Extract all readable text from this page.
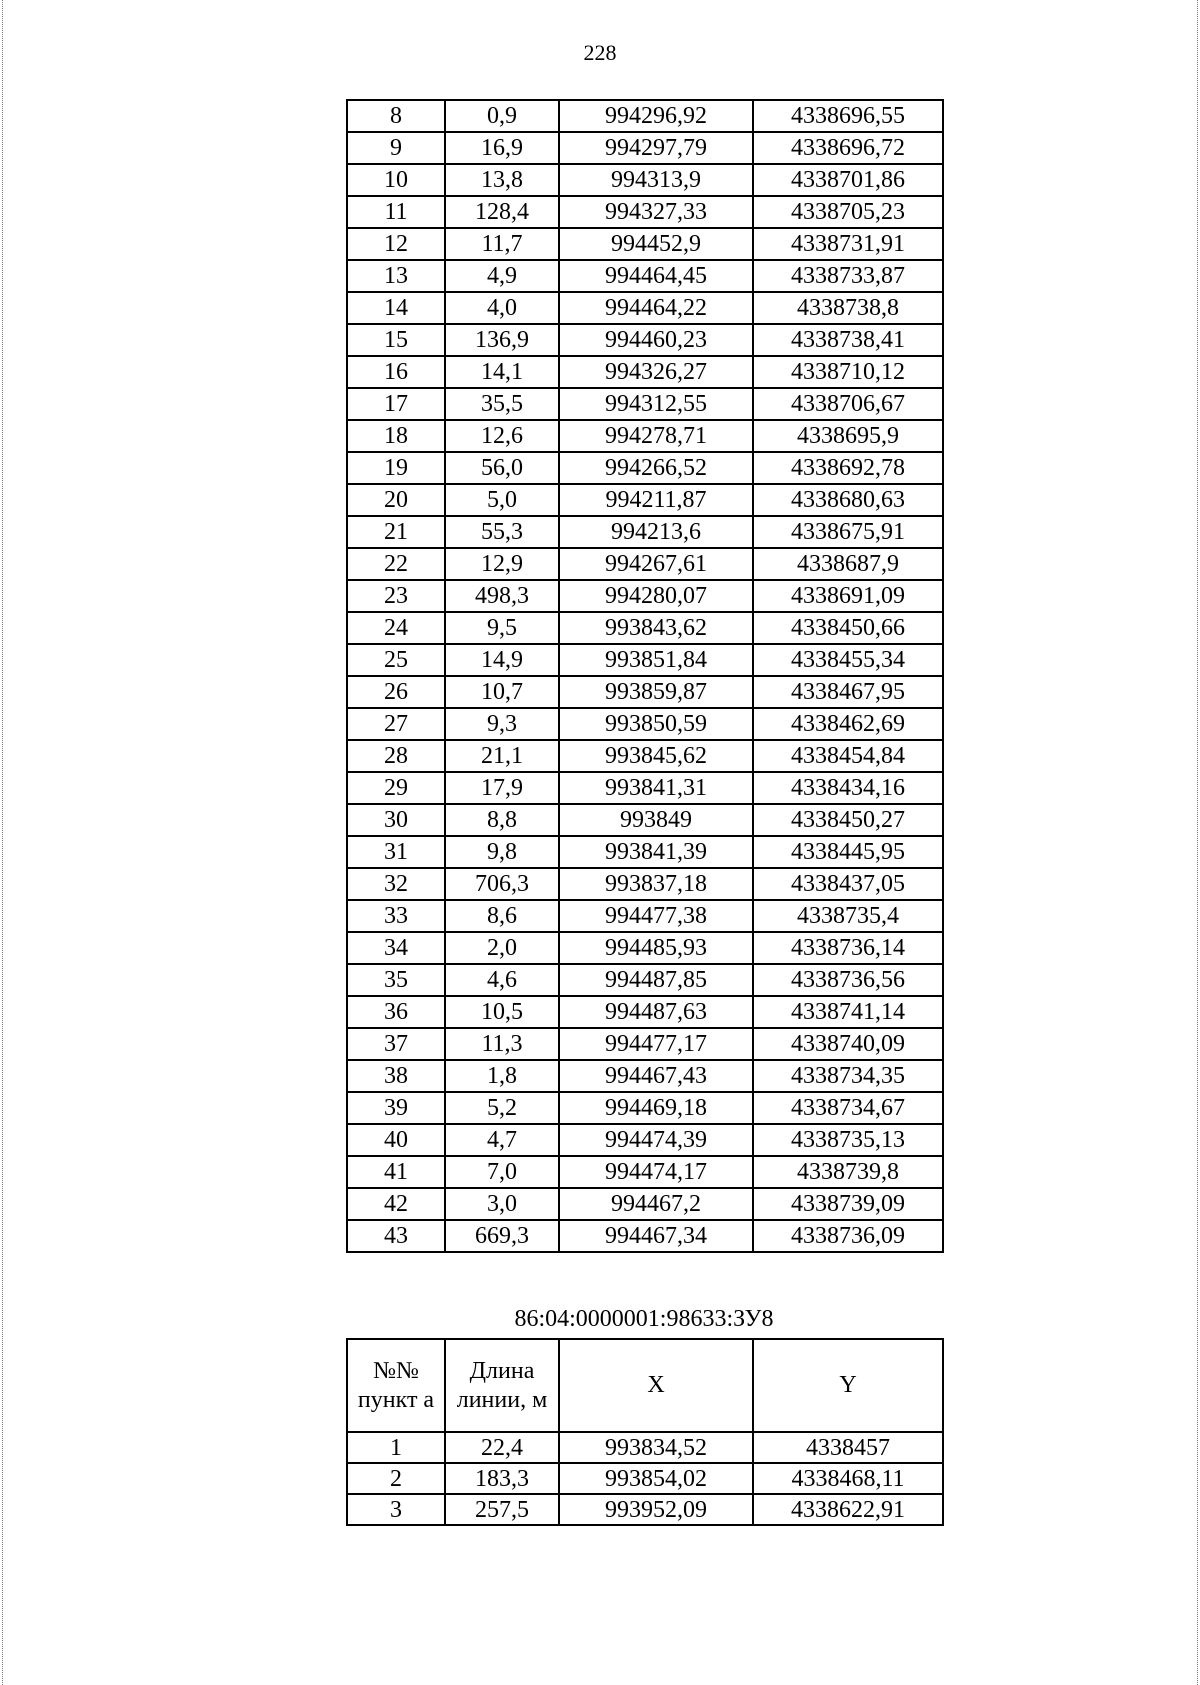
228
8	0,9	994296,92	4338696,55
9	16,9	994297,79	4338696,72
10	13,8	994313,9	4338701,86
11	128,4	994327,33	4338705,23
12	11,7	994452,9	4338731,91
13	4,9	994464,45	4338733,87
14	4,0	994464,22	4338738,8
15	136,9	994460,23	4338738,41
16	14,1	994326,27	4338710,12
17	35,5	994312,55	4338706,67
18	12,6	994278,71	4338695,9
19	56,0	994266,52	4338692,78
20	5,0	994211,87	4338680,63
21	55,3	994213,6	4338675,91
22	12,9	994267,61	4338687,9
23	498,3	994280,07	4338691,09
24	9,5	993843,62	4338450,66
25	14,9	993851,84	4338455,34
26	10,7	993859,87	4338467,95
27	9,3	993850,59	4338462,69
28	21,1	993845,62	4338454,84
29	17,9	993841,31	4338434,16
30	8,8	993849	4338450,27
31	9,8	993841,39	4338445,95
32	706,3	993837,18	4338437,05
33	8,6	994477,38	4338735,4
34	2,0	994485,93	4338736,14
35	4,6	994487,85	4338736,56
36	10,5	994487,63	4338741,14
37	11,3	994477,17	4338740,09
38	1,8	994467,43	4338734,35
39	5,2	994469,18	4338734,67
40	4,7	994474,39	4338735,13
41	7,0	994474,17	4338739,8
42	3,0	994467,2	4338739,09
43	669,3	994467,34	4338736,09
86:04:0000001:98633:ЗУ8
№№ пункт а	Длина линии, м	X	Y
1	22,4	993834,52	4338457
2	183,3	993854,02	4338468,11
3	257,5	993952,09	4338622,91
